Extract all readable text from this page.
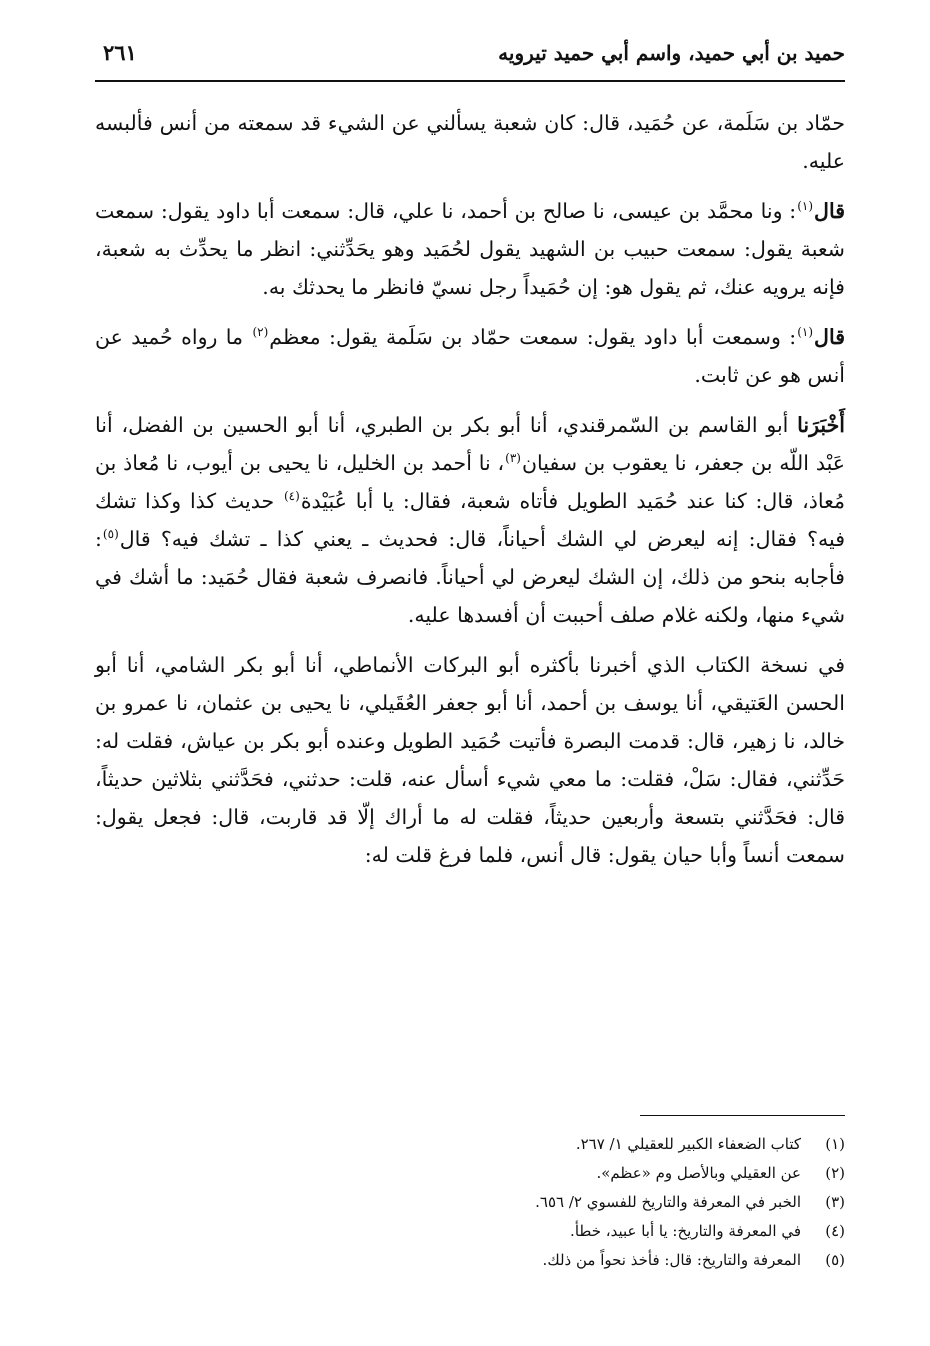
حميد بن أبي حميد، واسم أبي حميد تيرويه
٢٦١

حمّاد بن سَلَمة، عن حُمَيد، قال: كان شعبة يسألني عن الشيء قد سمعته من أنس فألبسه عليه.

قال$^{(١)}$: ونا محمَّد بن عيسى، نا صالح بن أحمد، نا علي، قال: سمعت أبا داود يقول: سمعت شعبة يقول: سمعت حبيب بن الشهيد يقول لحُمَيد وهو يحَدِّثني: انظر ما يحدِّث به شعبة، فإنه يرويه عنك، ثم يقول هو: إن حُمَيداً رجل نسيّ فانظر ما يحدثك به.

قال$^{(١)}$: وسمعت أبا داود يقول: سمعت حمّاد بن سَلَمة يقول: معظم$^{(٢)}$ ما رواه حُميد عن أنس هو عن ثابت.

أَخْبَرَنا أبو القاسم بن السّمرقندي، أنا أبو بكر بن الطبري، أنا أبو الحسين بن الفضل، أنا عَبْد اللّه بن جعفر، نا يعقوب بن سفيان$^{(٣)}$، نا أحمد بن الخليل، نا يحيى بن أيوب، نا مُعاذ بن مُعاذ، قال: كنا عند حُمَيد الطويل فأتاه شعبة، فقال: يا أبا عُبَيْدة$^{(٤)}$ حديث كذا وكذا تشك فيه؟ فقال: إنه ليعرض لي الشك أحياناً، قال: فحديث ـ يعني كذا ـ تشك فيه؟ قال$^{(٥)}$: فأجابه بنحو من ذلك، إن الشك ليعرض لي أحياناً. فانصرف شعبة فقال حُمَيد: ما أشك في شيء منها، ولكنه غلام صلف أحببت أن أفسدها عليه.

في نسخة الكتاب الذي أخبرنا بأكثره أبو البركات الأنماطي، أنا أبو بكر الشامي، أنا أبو الحسن العَتيقي، أنا يوسف بن أحمد، أنا أبو جعفر العُقَيلي، نا يحيى بن عثمان، نا عمرو بن خالد، نا زهير، قال: قدمت البصرة فأتيت حُمَيد الطويل وعنده أبو بكر بن عياش، فقلت له: حَدِّثني، فقال: سَلْ، فقلت: ما معي شيء أسأل عنه، قلت: حدثني، فحَدَّثني بثلاثين حديثاً، قال: فحَدَّثني بتسعة وأربعين حديثاً، فقلت له ما أراك إلّا قد قاربت، قال: فجعل يقول: سمعت أنساً وأبا حيان يقول: قال أنس، فلما فرغ قلت له:

(١)
كتاب الضعفاء الكبير للعقيلي ١/ ٢٦٧.
(٢)
عن العقيلي وبالأصل وم «عظم».
(٣)
الخبر في المعرفة والتاريخ للفسوي ٢/ ٦٥٦.
(٤)
في المعرفة والتاريخ: يا أبا عبيد، خطأ.
(٥)
المعرفة والتاريخ: قال: فأخذ نحواً من ذلك.
